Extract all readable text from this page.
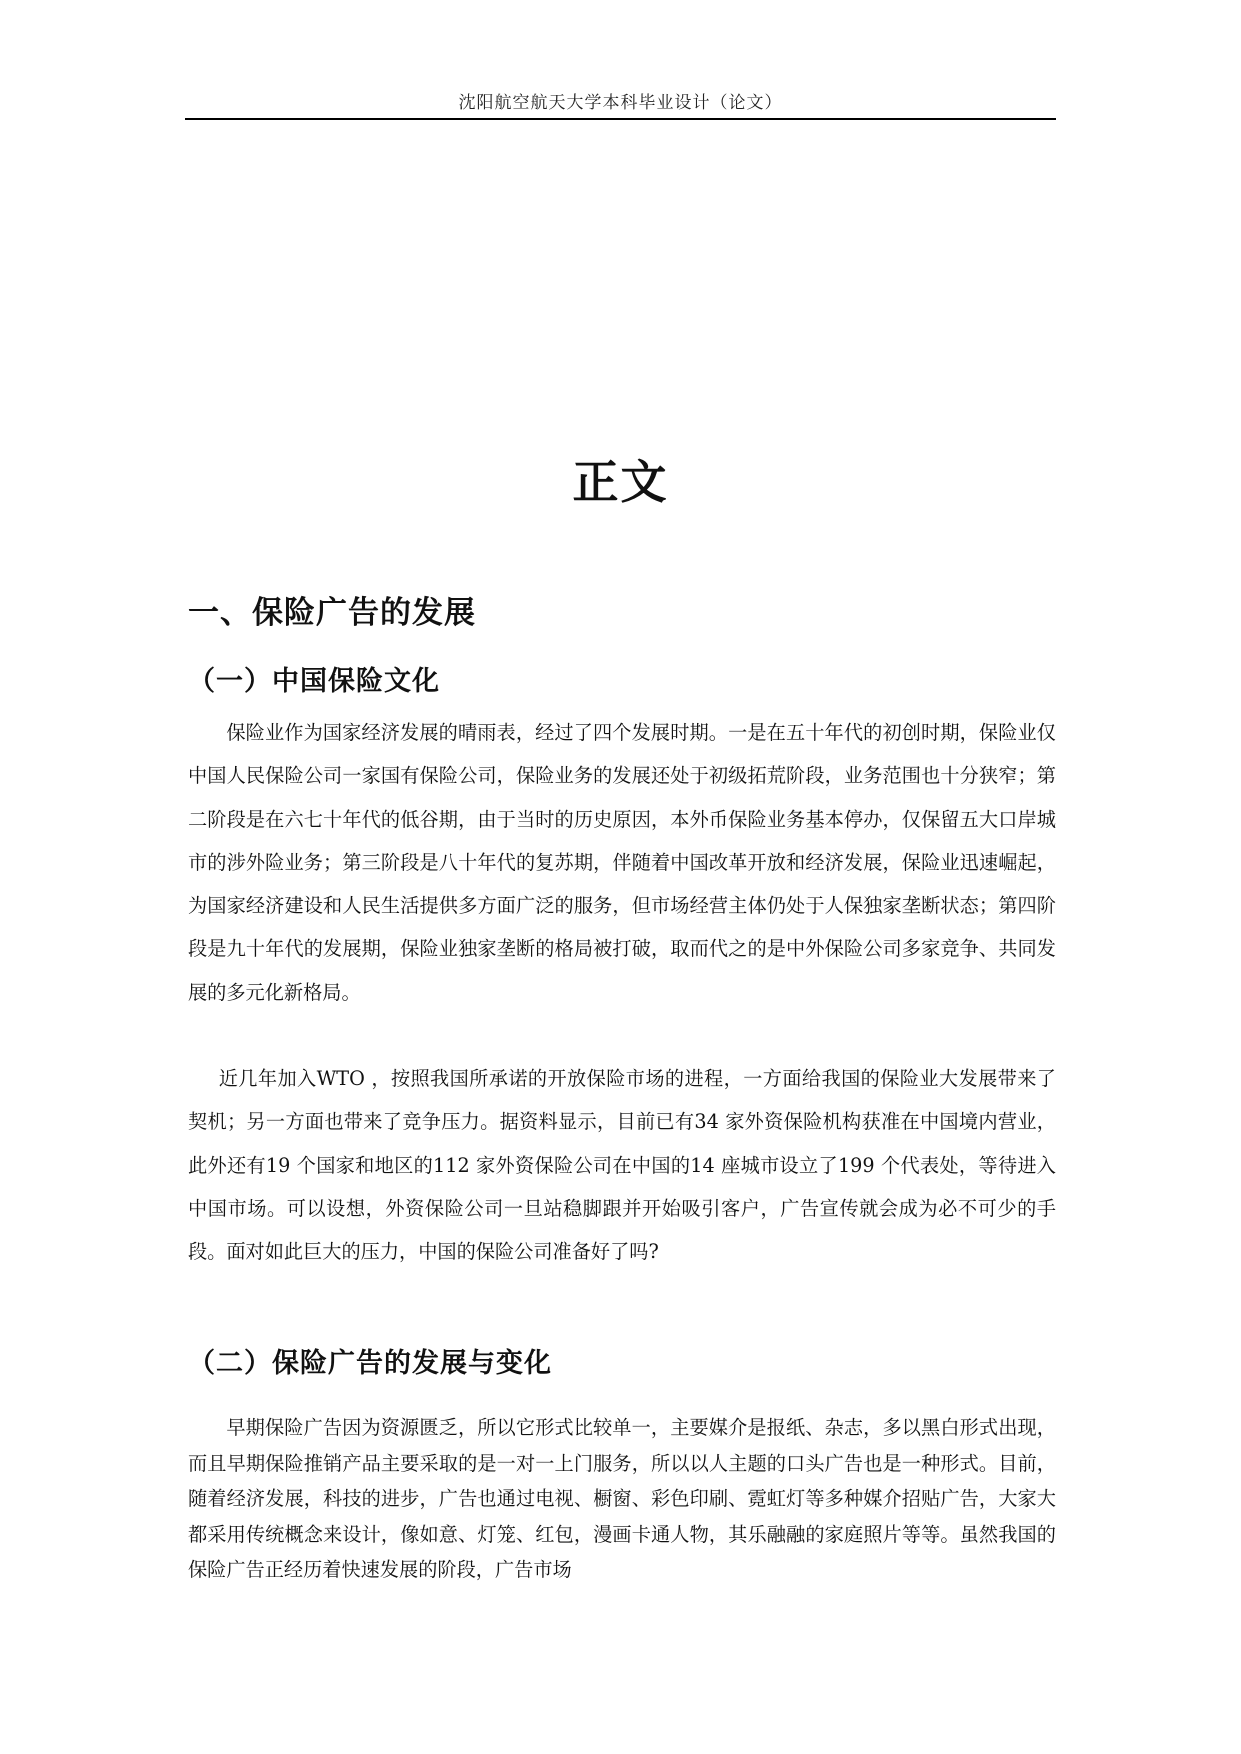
沈阳航空航天大学本科毕业设计（论文）
正文
一、保险广告的发展
（一）中国保险文化

保险业作为国家经济发展的晴雨表，经过了四个发展时期。一是在五十年代的初创时期，保险业仅中国人民保险公司一家国有保险公司，保险业务的发展还处于初级拓荒阶段，业务范围也十分狭窄；第二阶段是在六七十年代的低谷期，由于当时的历史原因，本外币保险业务基本停办，仅保留五大口岸城市的涉外险业务；第三阶段是八十年代的复苏期，伴随着中国改革开放和经济发展，保险业迅速崛起，为国家经济建设和人民生活提供多方面广泛的服务，但市场经营主体仍处于人保独家垄断状态；第四阶段是九十年代的发展期，保险业独家垄断的格局被打破，取而代之的是中外保险公司多家竞争、共同发展的多元化新格局。

近几年加入WTO ，按照我国所承诺的开放保险市场的进程，一方面给我国的保险业大发展带来了契机；另一方面也带来了竞争压力。据资料显示，目前已有34 家外资保险机构获准在中国境内营业，此外还有19 个国家和地区的112 家外资保险公司在中国的14 座城市设立了199 个代表处，等待进入中国市场。可以设想，外资保险公司一旦站稳脚跟并开始吸引客户，广告宣传就会成为必不可少的手段。面对如此巨大的压力，中国的保险公司准备好了吗?

（二）保险广告的发展与变化

早期保险广告因为资源匮乏，所以它形式比较单一，主要媒介是报纸、杂志，多以黑白形式出现，而且早期保险推销产品主要采取的是一对一上门服务，所以以人主题的口头广告也是一种形式。目前，随着经济发展，科技的进步，广告也通过电视、橱窗、彩色印刷、霓虹灯等多种媒介招贴广告，大家大都采用传统概念来设计，像如意、灯笼、红包，漫画卡通人物，其乐融融的家庭照片等等。虽然我国的保险广告正经历着快速发展的阶段，广告市场
